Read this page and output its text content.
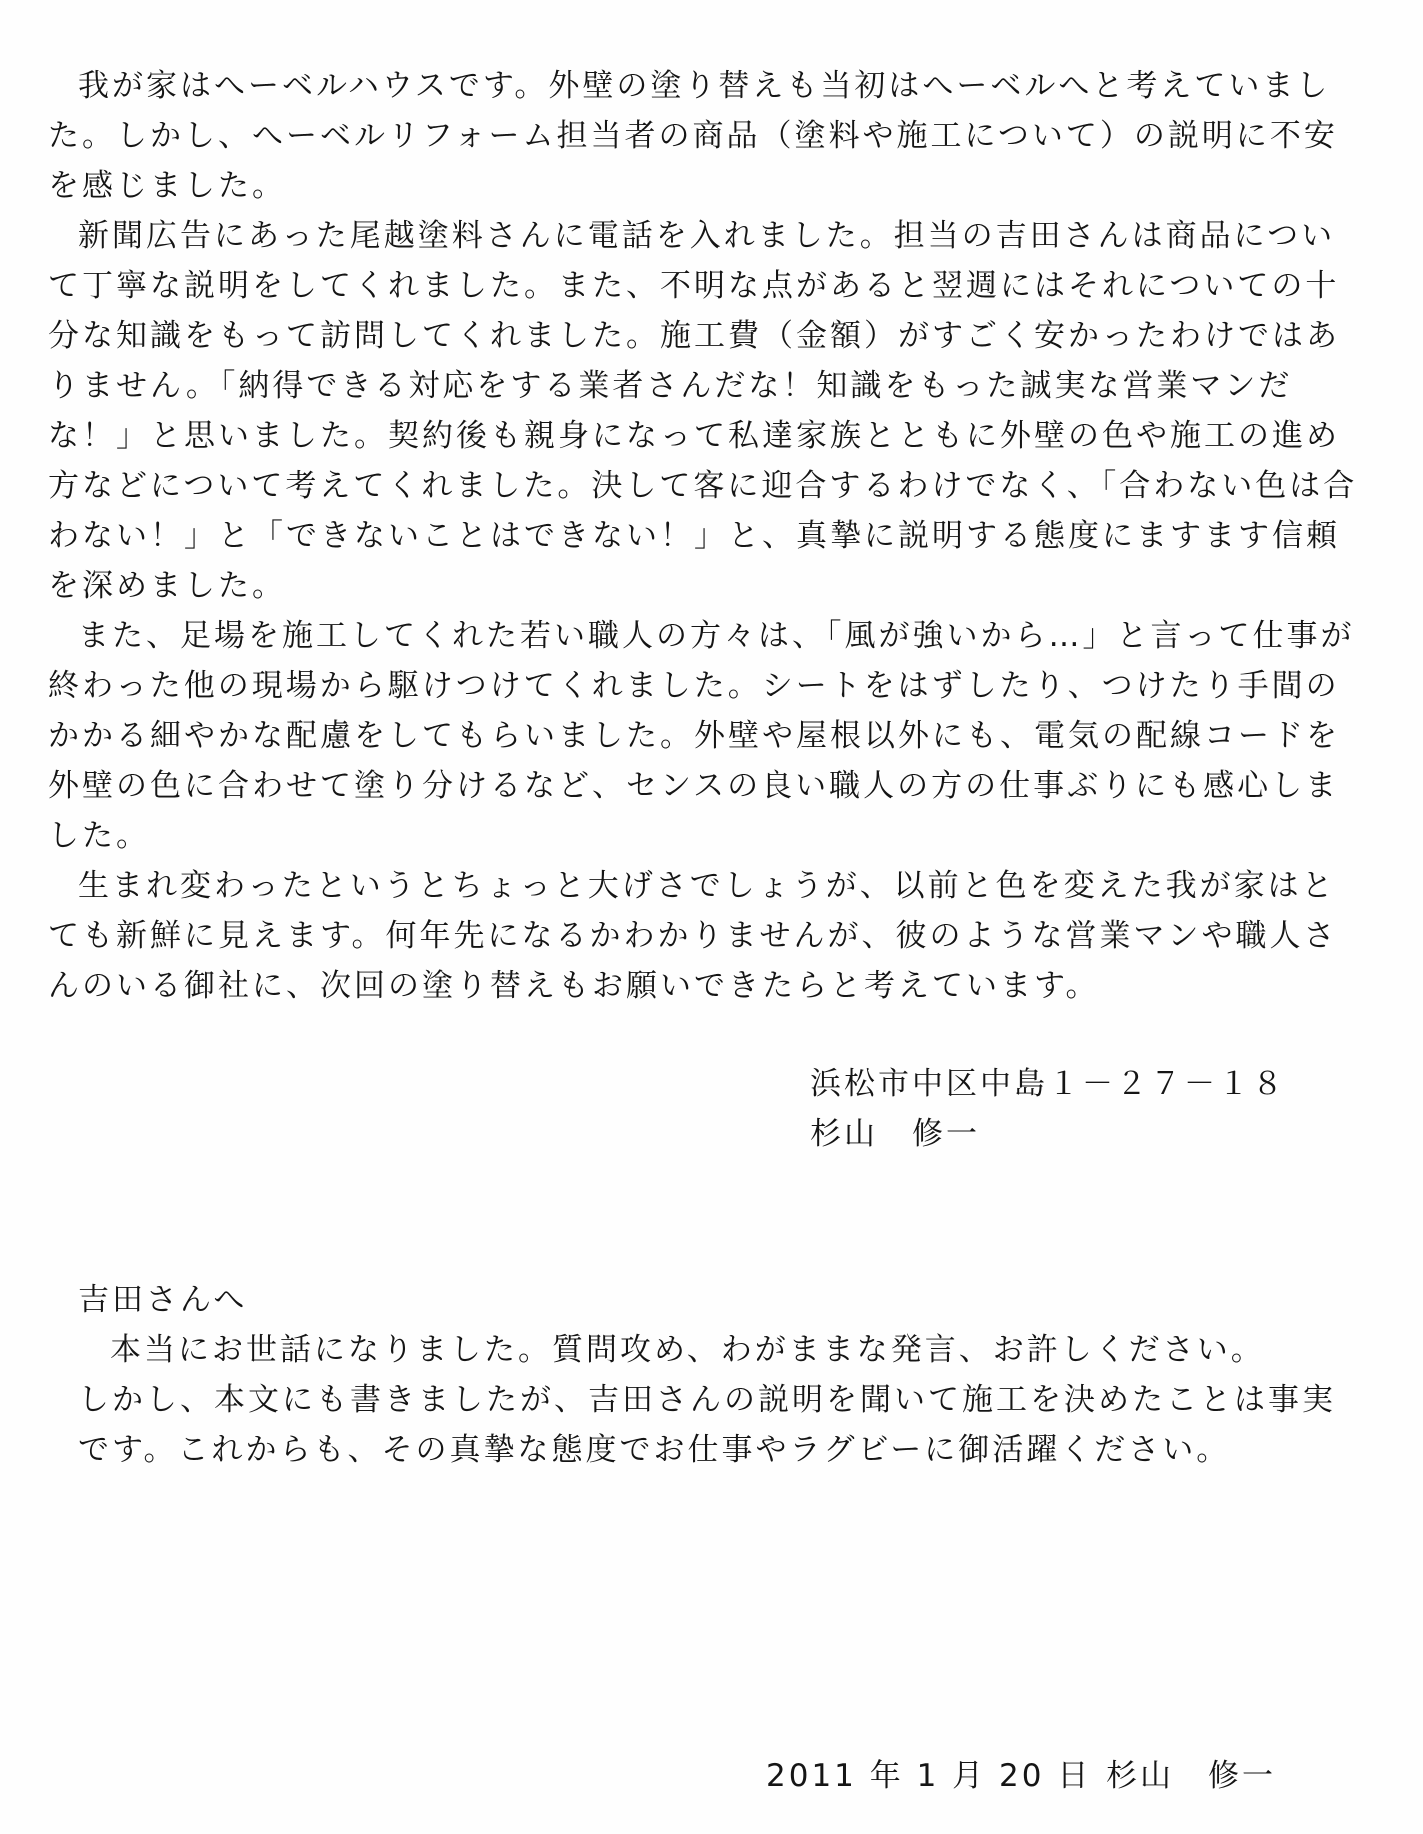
我が家はへーベルハウスです。外壁の塗り替えも当初はへーベルへと考えていまし
た。しかし、へーベルリフォーム担当者の商品（塗料や施工について）の説明に不安
を感じました。
新聞広告にあった尾越塗料さんに電話を入れました。担当の吉田さんは商品につい
て丁寧な説明をしてくれました。また、不明な点があると翌週にはそれについての十
分な知識をもって訪問してくれました。施工費（金額）がすごく安かったわけではあ
りません。「納得できる対応をする業者さんだな！知識をもった誠実な営業マンだ
な！」と思いました。契約後も親身になって私達家族とともに外壁の色や施工の進め
方などについて考えてくれました。決して客に迎合するわけでなく、「合わない色は合
わない！」と「できないことはできない！」と、真摯に説明する態度にますます信頼
を深めました。
また、足場を施工してくれた若い職人の方々は、「風が強いから…」と言って仕事が
終わった他の現場から駆けつけてくれました。シートをはずしたり、つけたり手間の
かかる細やかな配慮をしてもらいました。外壁や屋根以外にも、電気の配線コードを
外壁の色に合わせて塗り分けるなど、センスの良い職人の方の仕事ぶりにも感心しま
した。
生まれ変わったというとちょっと大げさでしょうが、以前と色を変えた我が家はと
ても新鮮に見えます。何年先になるかわかりませんが、彼のような営業マンや職人さ
んのいる御社に、次回の塗り替えもお願いできたらと考えています。
浜松市中区中島１－２７－１８
杉山　修一
吉田さんへ
本当にお世話になりました。質問攻め、わがままな発言、お許しください。
しかし、本文にも書きましたが、吉田さんの説明を聞いて施工を決めたことは事実
です。これからも、その真摯な態度でお仕事やラグビーに御活躍ください。
2011 年 1 月 20 日 杉山　修一
